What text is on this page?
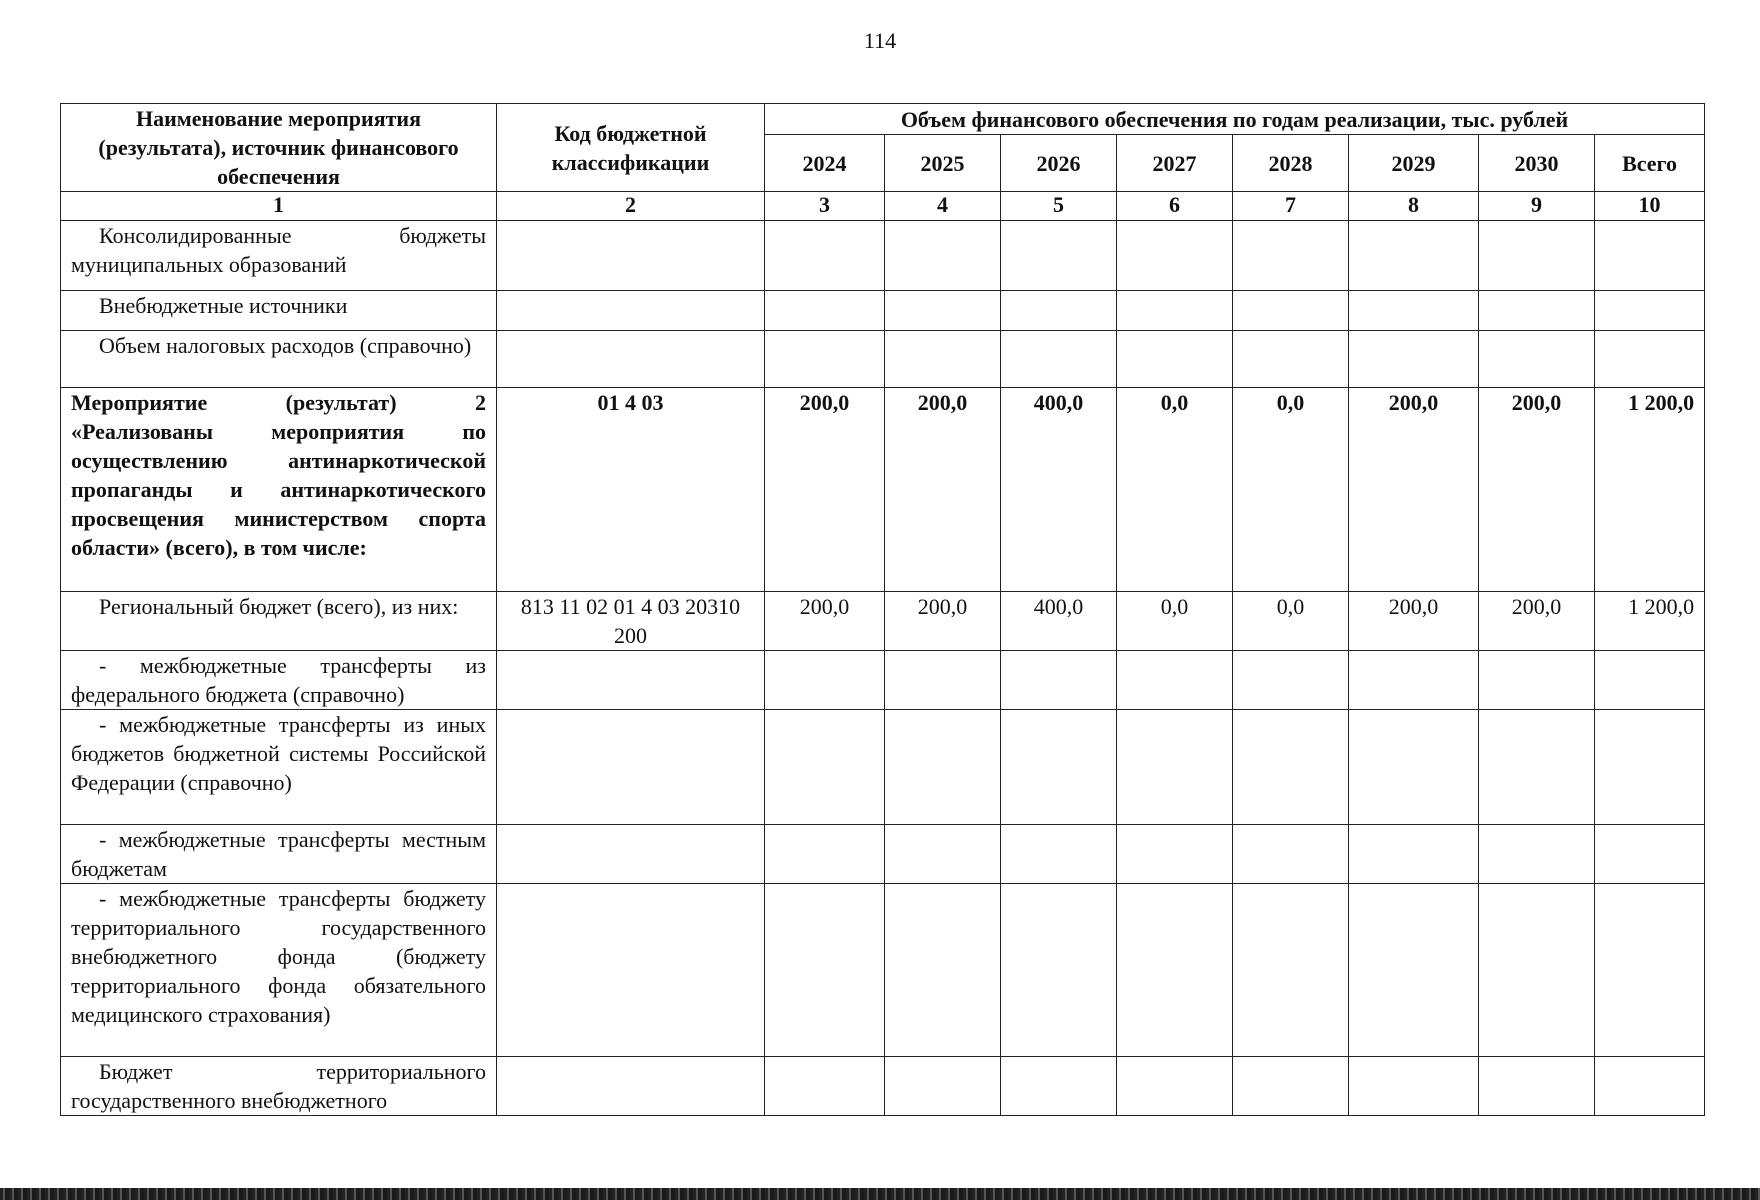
114
Наименование мероприятия (результата), источник финансового обеспечения	Код бюджетной классификации	Объем финансового обеспечения по годам реализации, тыс. рублей							
		2024	2025	2026	2027	2028	2029	2030	Всего
1	2	3	4	5	6	7	8	9	10
Консолидированные бюджеты муниципальных образований									
Внебюджетные источники									
Объем налоговых расходов (справочно)									
Мероприятие (результат) 2 «Реализованы мероприятия по осуществлению антинаркотической пропаганды и антинаркотического просвещения министерством спорта области» (всего), в том числе:	01 4 03	200,0	200,0	400,0	0,0	0,0	200,0	200,0	1 200,0
Региональный бюджет (всего), из них:	813 11 02 01 4 03 20310 200	200,0	200,0	400,0	0,0	0,0	200,0	200,0	1 200,0
- межбюджетные трансферты из федерального бюджета (справочно)									
- межбюджетные трансферты из иных бюджетов бюджетной системы Российской Федерации (справочно)									
- межбюджетные трансферты местным бюджетам									
- межбюджетные трансферты бюджету территориального государственного внебюджетного фонда (бюджету территориального фонда обязательного медицинского страхования)									
Бюджет территориального государственного внебюджетного									
